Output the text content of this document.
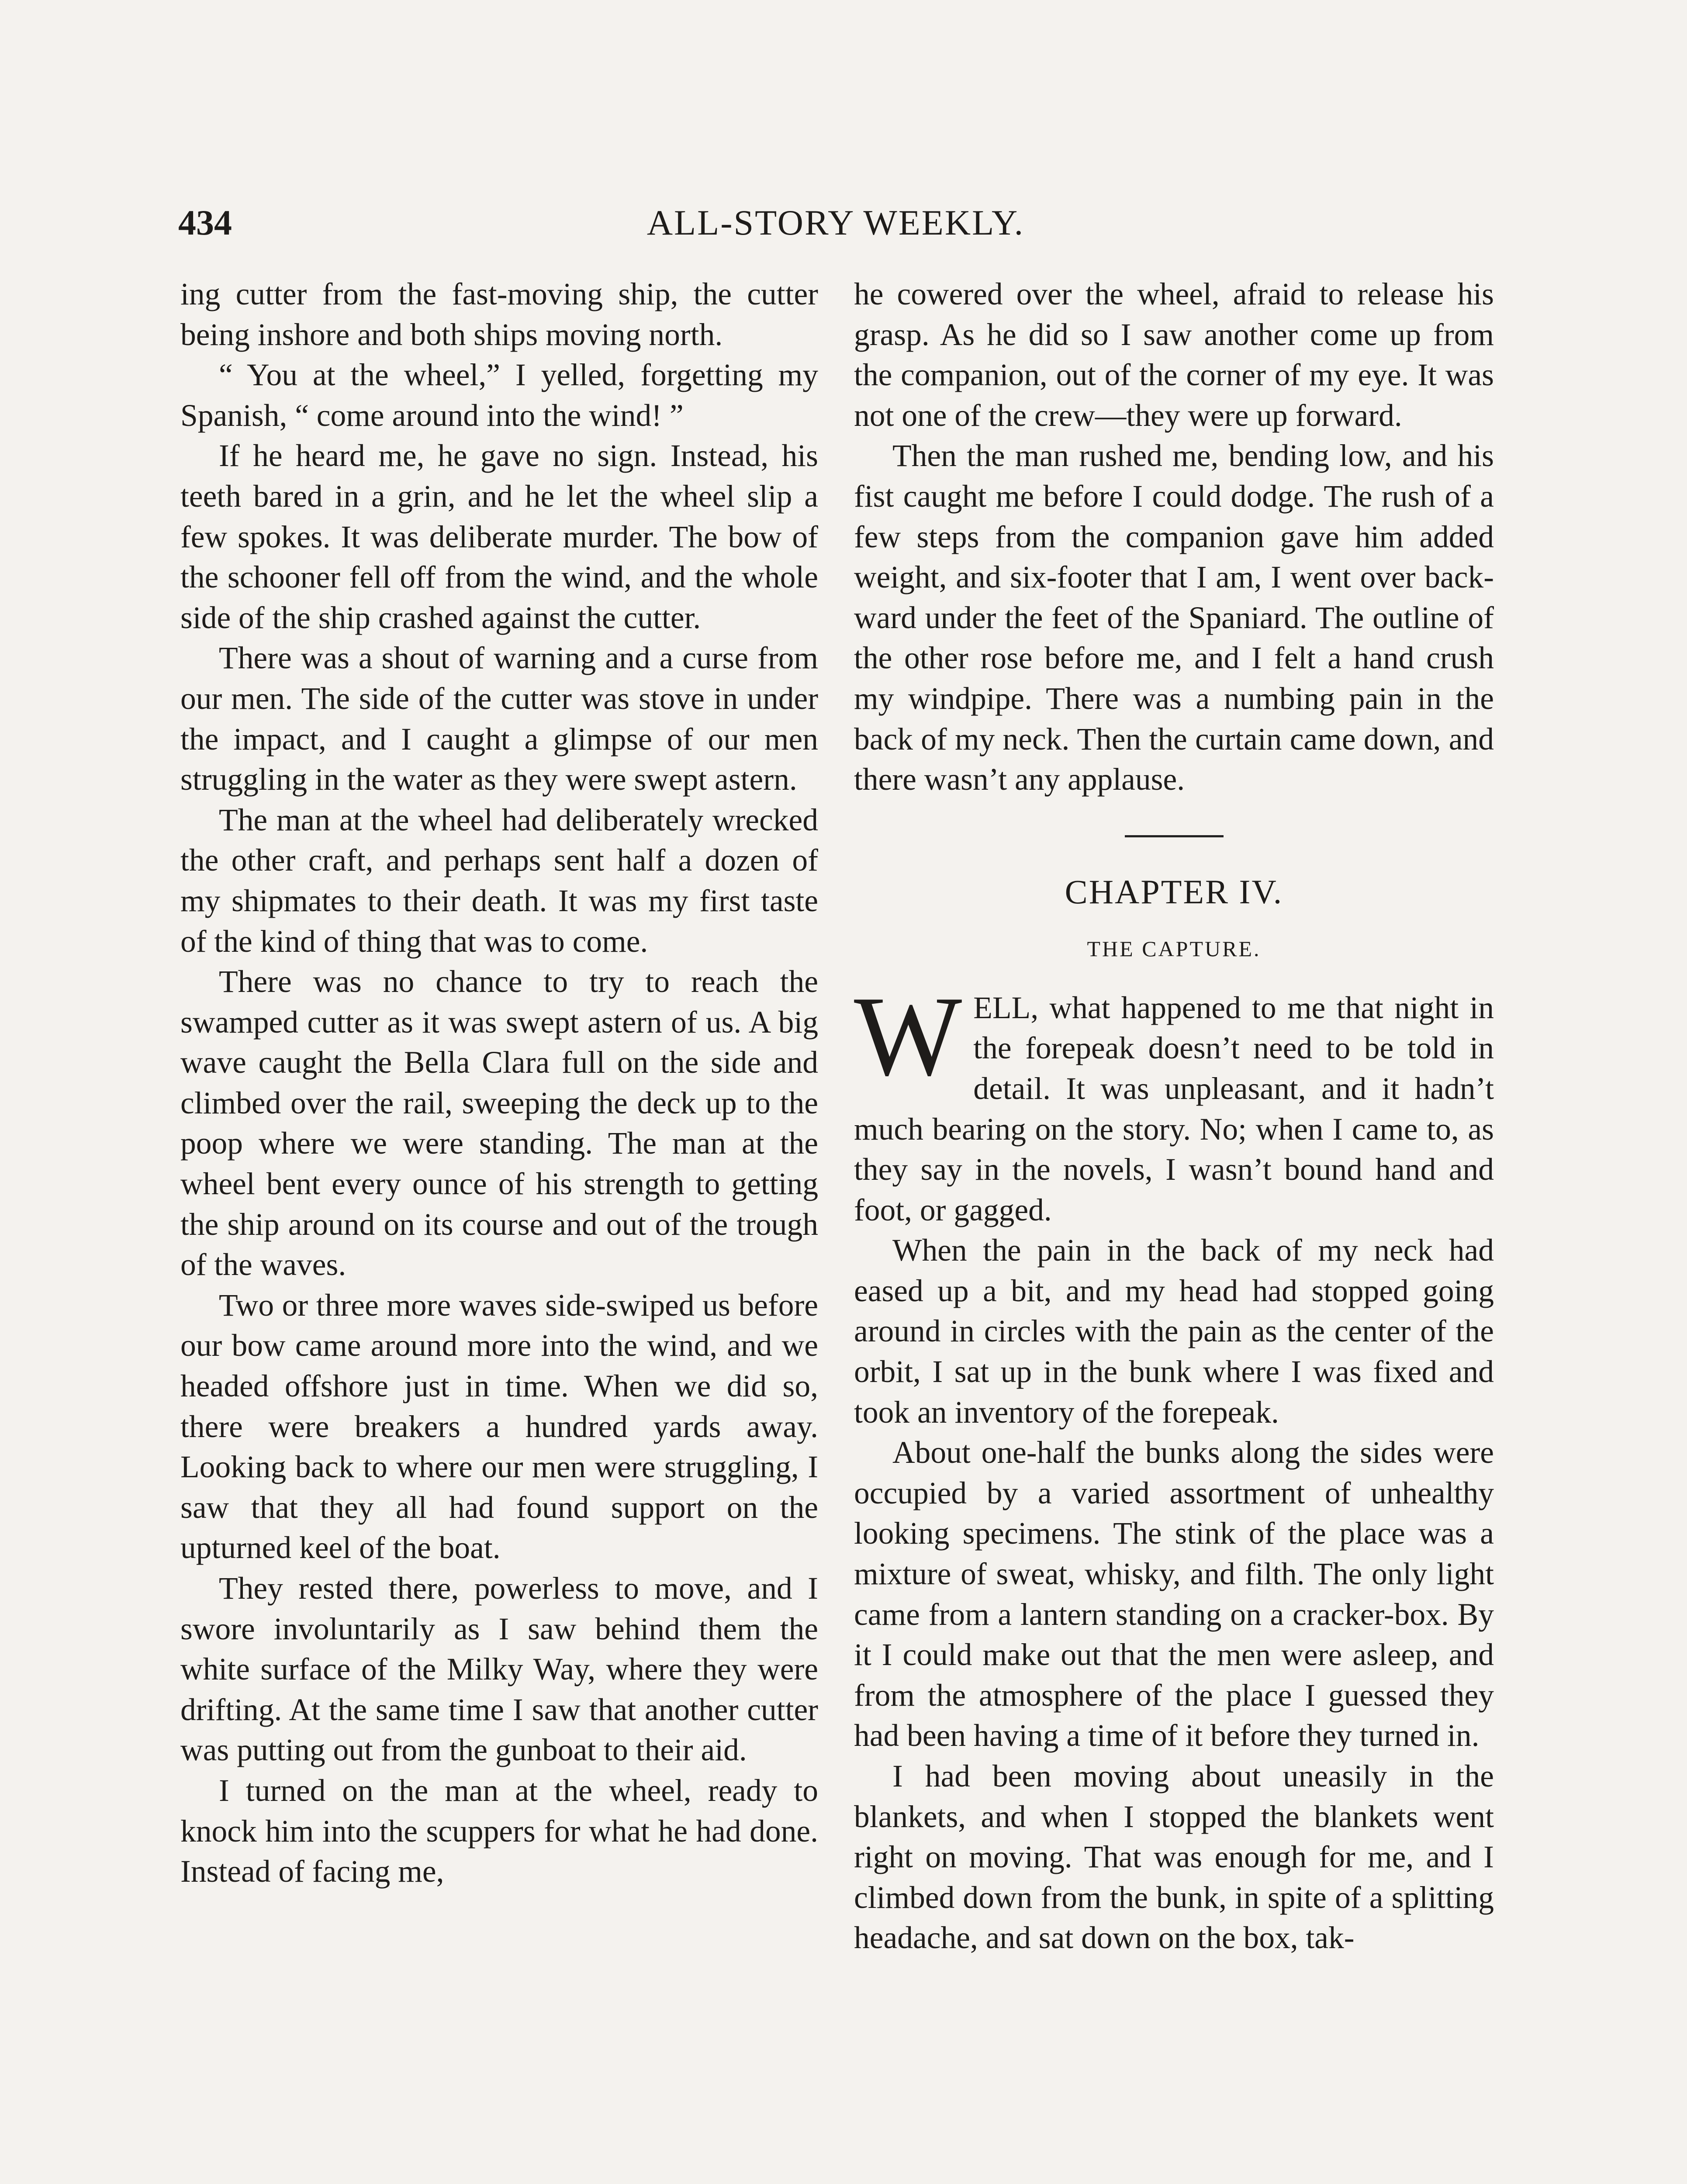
434	ALL-STORY WEEKLY.

ing cutter from the fast-moving ship, the cutter being inshore and both ships moving north.

“ You at the wheel,” I yelled, forgetting my Spanish, “ come around into the wind! ”

If he heard me, he gave no sign. Instead, his teeth bared in a grin, and he let the wheel slip a few spokes. It was deliberate murder. The bow of the schooner fell off from the wind, and the whole side of the ship crashed against the cutter.

There was a shout of warning and a curse from our men. The side of the cutter was stove in under the impact, and I caught a glimpse of our men struggling in the water as they were swept astern.

The man at the wheel had deliberately wrecked the other craft, and perhaps sent half a dozen of my shipmates to their death. It was my first taste of the kind of thing that was to come.

There was no chance to try to reach the swamped cutter as it was swept astern of us. A big wave caught the Bella Clara full on the side and climbed over the rail, sweeping the deck up to the poop where we were standing. The man at the wheel bent every ounce of his strength to getting the ship around on its course and out of the trough of the waves.

Two or three more waves side-swiped us before our bow came around more into the wind, and we headed offshore just in time. When we did so, there were breakers a hundred yards away. Looking back to where our men were struggling, I saw that they all had found support on the upturned keel of the boat.

They rested there, powerless to move, and I swore involuntarily as I saw behind them the white surface of the Milky Way, where they were drifting. At the same time I saw that another cutter was putting out from the gunboat to their aid.

I turned on the man at the wheel, ready to knock him into the scuppers for what he had done. Instead of facing me,

he cowered over the wheel, afraid to release his grasp. As he did so I saw another come up from the companion, out of the corner of my eye. It was not one of the crew—they were up forward.

Then the man rushed me, bending low, and his fist caught me before I could dodge. The rush of a few steps from the companion gave him added weight, and six-footer that I am, I went over backward under the feet of the Spaniard. The outline of the other rose before me, and I felt a hand crush my windpipe. There was a numbing pain in the back of my neck. Then the curtain came down, and there wasn’t any applause.

CHAPTER IV.
THE CAPTURE.

WELL, what happened to me that night in the forepeak doesn’t need to be told in detail. It was unpleasant, and it hadn’t much bearing on the story. No; when I came to, as they say in the novels, I wasn’t bound hand and foot, or gagged.

When the pain in the back of my neck had eased up a bit, and my head had stopped going around in circles with the pain as the center of the orbit, I sat up in the bunk where I was fixed and took an inventory of the forepeak.

About one-half the bunks along the sides were occupied by a varied assortment of unhealthy looking specimens. The stink of the place was a mixture of sweat, whisky, and filth. The only light came from a lantern standing on a cracker-box. By it I could make out that the men were asleep, and from the atmosphere of the place I guessed they had been having a time of it before they turned in.

I had been moving about uneasily in the blankets, and when I stopped the blankets went right on moving. That was enough for me, and I climbed down from the bunk, in spite of a splitting headache, and sat down on the box, tak-
